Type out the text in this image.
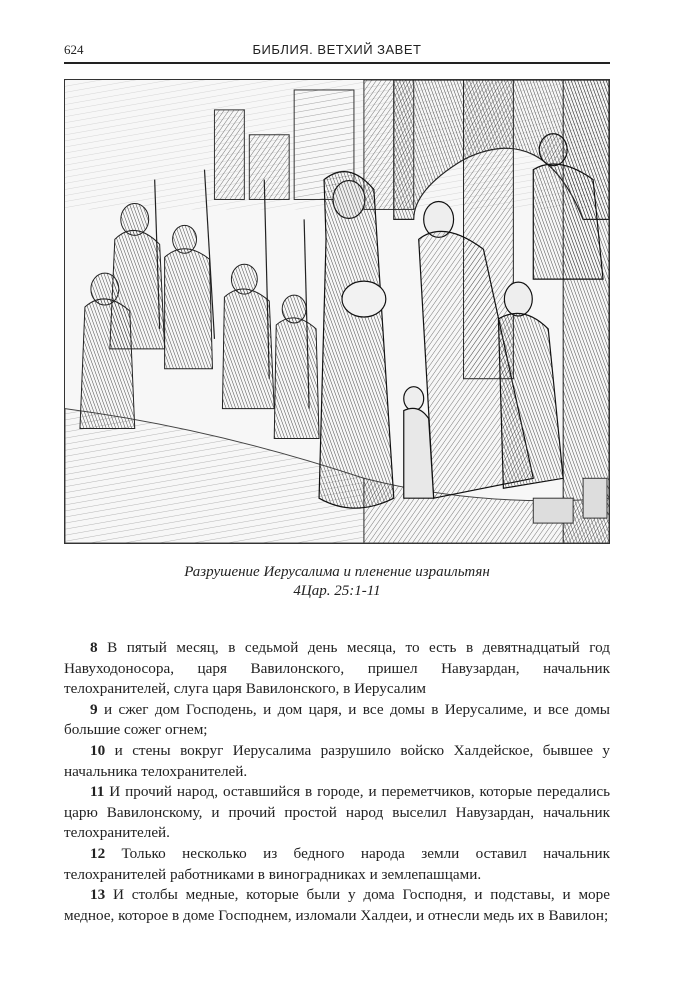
624	БИБЛИЯ. ВЕТХИЙ ЗАВЕТ
Разрушение Иерусалима и пленение израильтян
4Цар. 25:1-11

8 В пятый месяц, в седьмой день месяца, то есть в девятнадцатый год Навуходоносора, царя Вавилонского, пришел Навузардан, начальник телохранителей, слуга царя Вавилонского, в Иерусалим

9 и сжег дом Господень, и дом царя, и все домы в Иерусалиме, и все домы большие сожег огнем;

10 и стены вокруг Иерусалима разрушило войско Халдейское, бывшее у начальника телохранителей.

11 И прочий народ, оставшийся в городе, и переметчиков, которые передались царю Вавилонскому, и прочий простой народ выселил Навузардан, начальник телохранителей.

12 Только несколько из бедного народа земли оставил начальник телохранителей работниками в виноградниках и землепашцами.

13 И столбы медные, которые были у дома Господня, и подставы, и море медное, которое в доме Господнем, изломали Халдеи, и отнесли медь их в Вавилон;
